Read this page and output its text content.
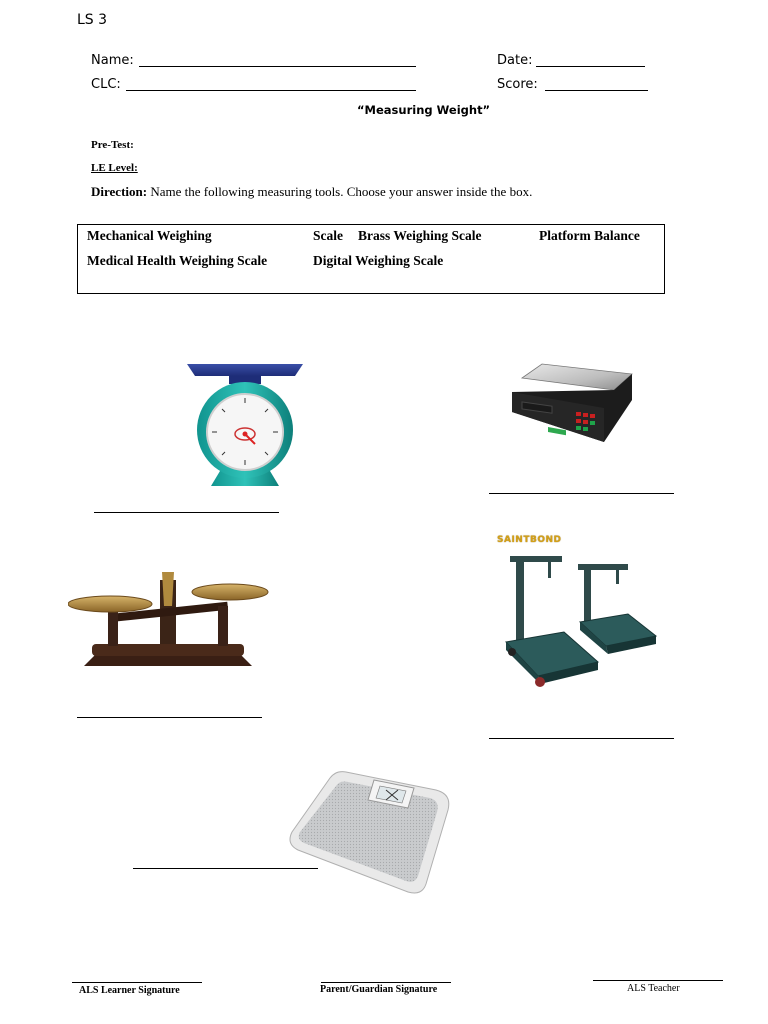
LS 3
Name:	Date:
CLC:	Score:
“Measuring Weight”
Pre-Test:
LE Level:
Direction: Name the following measuring tools. Choose your answer inside the box.
Mechanical Weighing	Scale Brass Weighing Scale	Platform Balance
Medical Health Weighing Scale	Digital Weighing Scale
SAINTBOND
ALS Learner Signature	Parent/Guardian Signature	ALS Teacher
